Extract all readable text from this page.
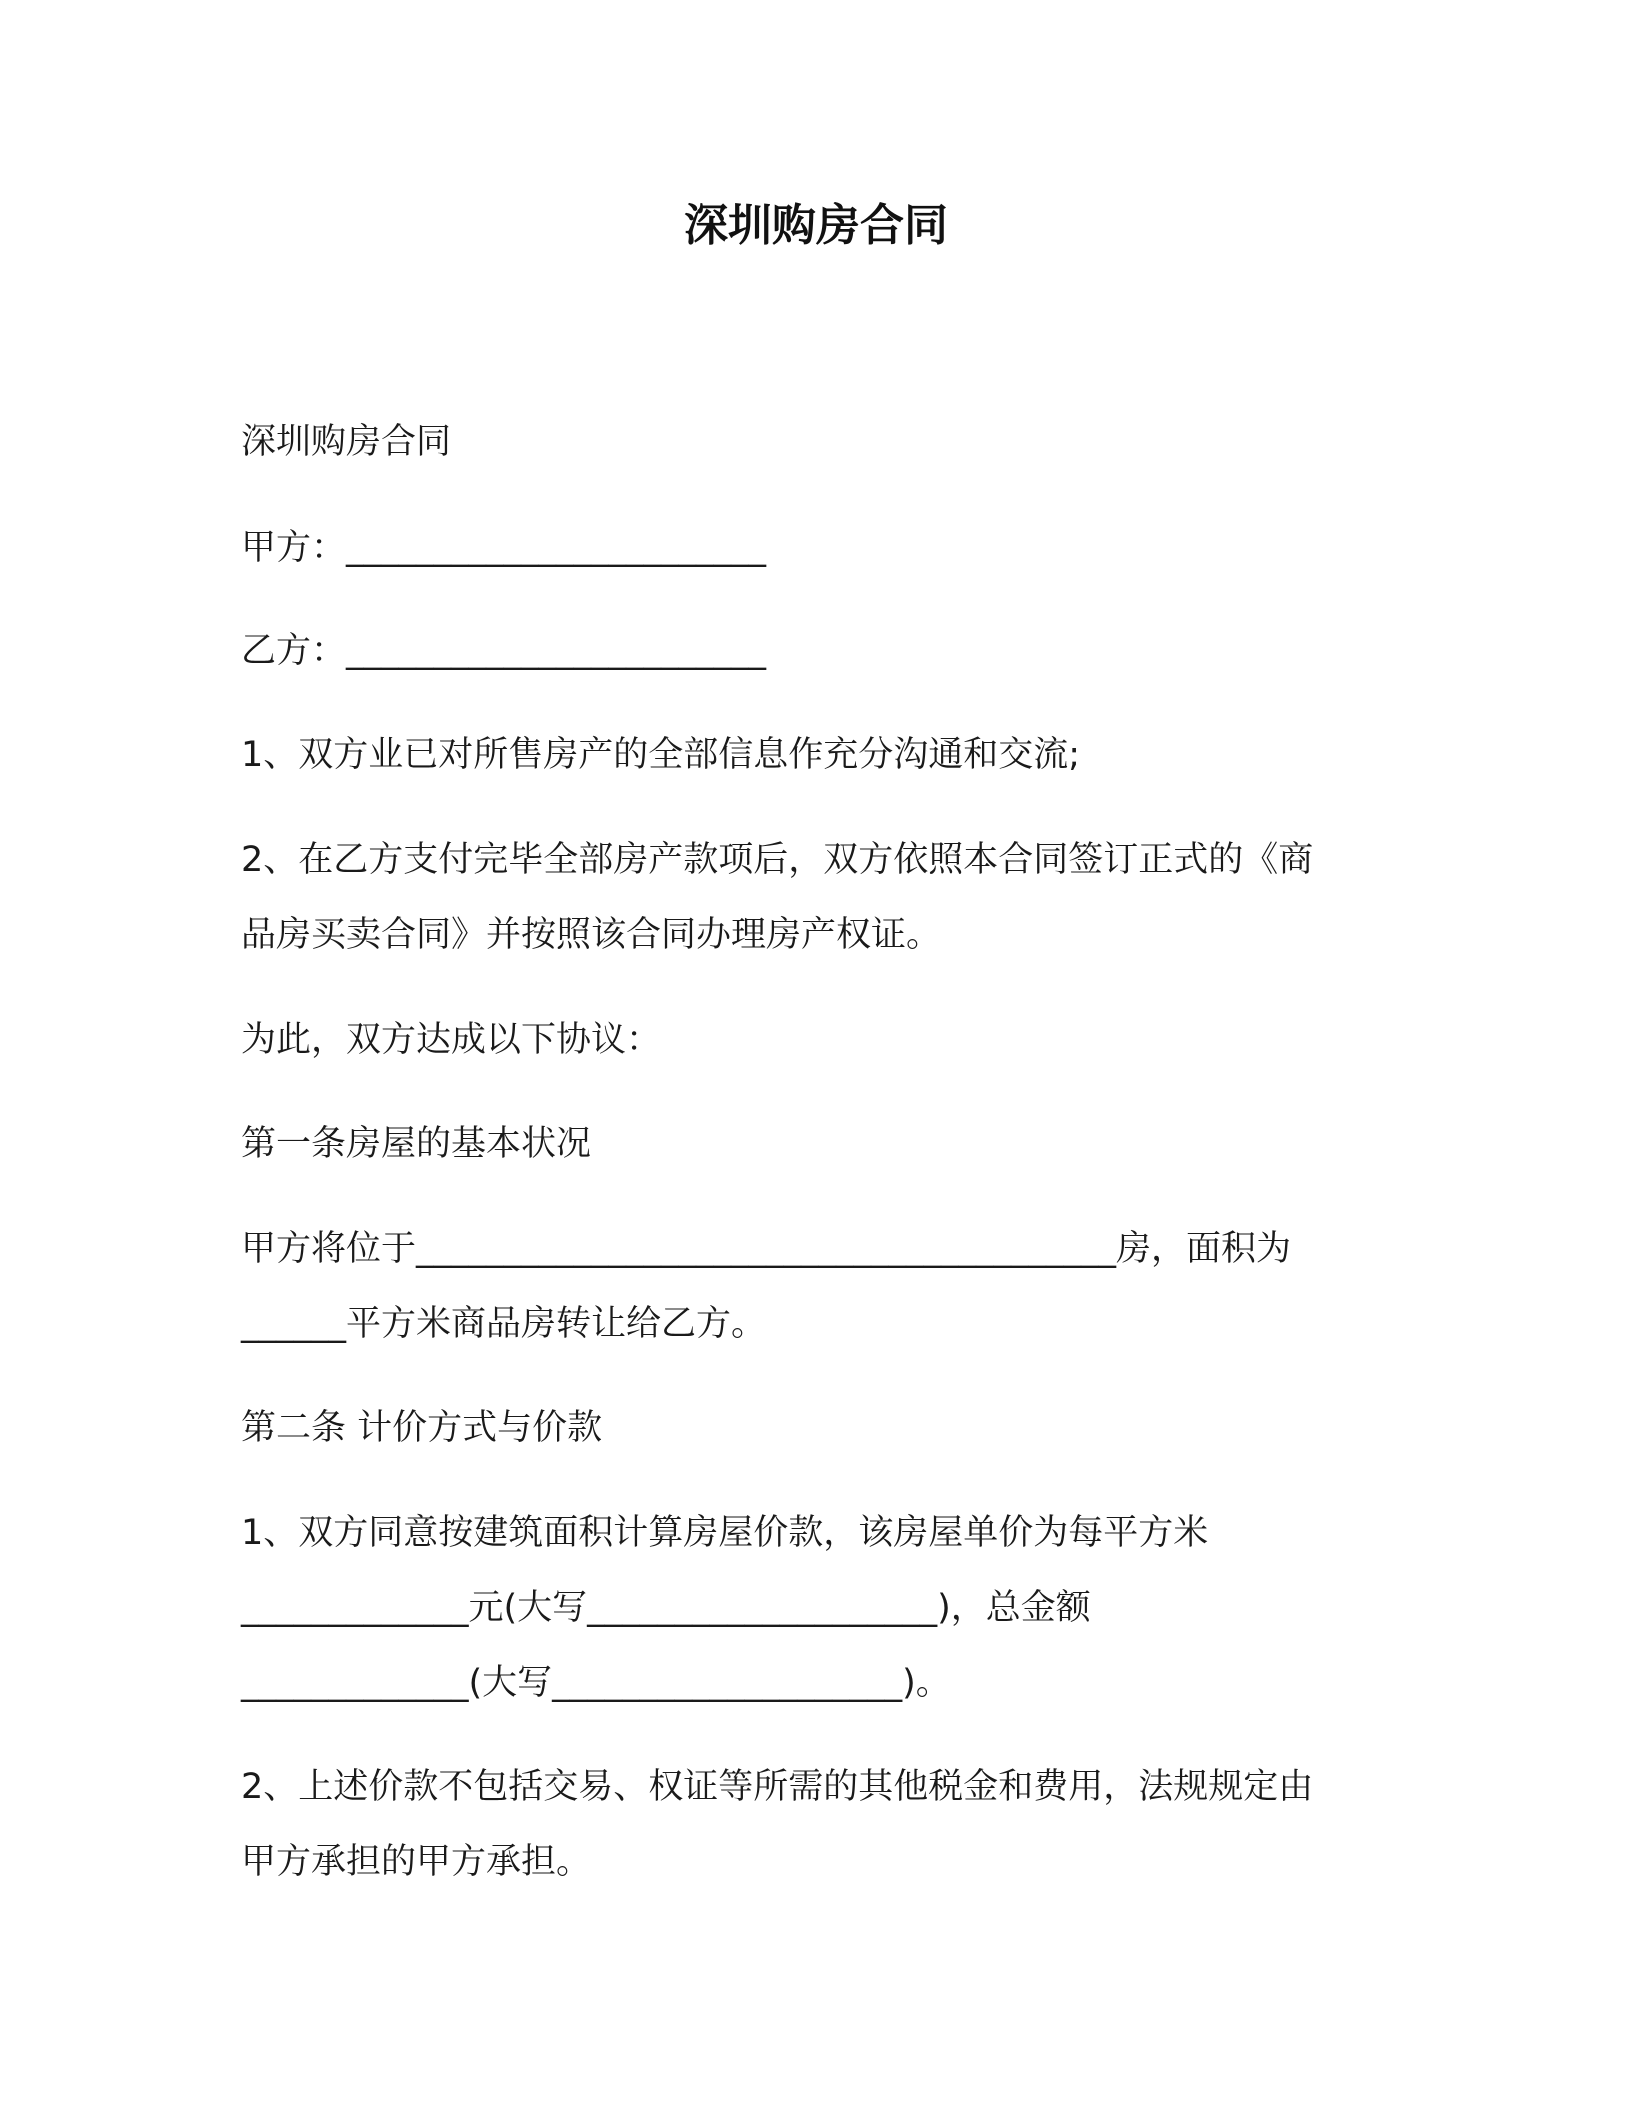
深圳购房合同

深圳购房合同

甲方：________________________

乙方：________________________

1、双方业已对所售房产的全部信息作充分沟通和交流;

2、在乙方支付完毕全部房产款项后，双方依照本合同签订正式的《商

品房买卖合同》并按照该合同办理房产权证。

为此，双方达成以下协议：

第一条房屋的基本状况

甲方将位于________________________________________房，面积为

______平方米商品房转让给乙方。

第二条 计价方式与价款

1、双方同意按建筑面积计算房屋价款，该房屋单价为每平方米

_____________元(大写____________________)，总金额

_____________(大写____________________)。

2、上述价款不包括交易、权证等所需的其他税金和费用，法规规定由

甲方承担的甲方承担。
